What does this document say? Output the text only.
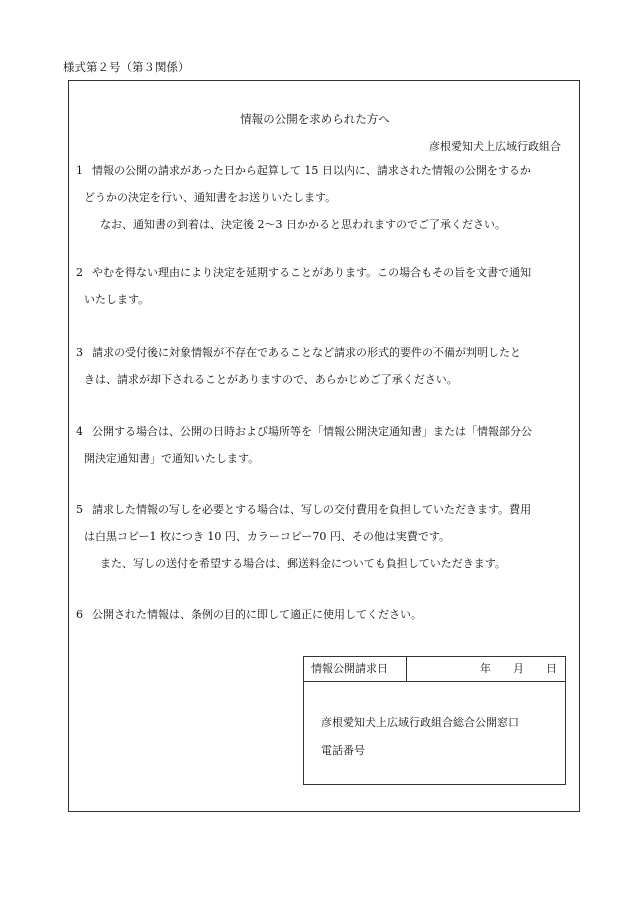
様式第２号（第３関係）
情報の公開を求められた方へ
彦根愛知犬上広域行政組合

1 情報の公開の請求があった日から起算して 15 日以内に、請求された情報の公開をするか

どうかの決定を行い、通知書をお送りいたします。

なお、通知書の到着は、決定後 2〜3 日かかると思われますのでご了承ください。

2 やむを得ない理由により決定を延期することがあります。この場合もその旨を文書で通知

いたします。

3 請求の受付後に対象情報が不存在であることなど請求の形式的要件の不備が判明したと

きは、請求が却下されることがありますので、あらかじめご了承ください。

4 公開する場合は、公開の日時および場所等を「情報公開決定通知書」または「情報部分公

開決定通知書」で通知いたします。

5 請求した情報の写しを必要とする場合は、写しの交付費用を負担していただきます。費用

は白黒コピー1 枚につき 10 円、カラーコピー70 円、その他は実費です。

また、写しの送付を希望する場合は、郵送料金についても負担していただきます。

6 公開された情報は、条例の目的に即して適正に使用してください。

情報公開請求日	年　　月　　日
彦根愛知犬上広域行政組合総合公開窓口
電話番号
